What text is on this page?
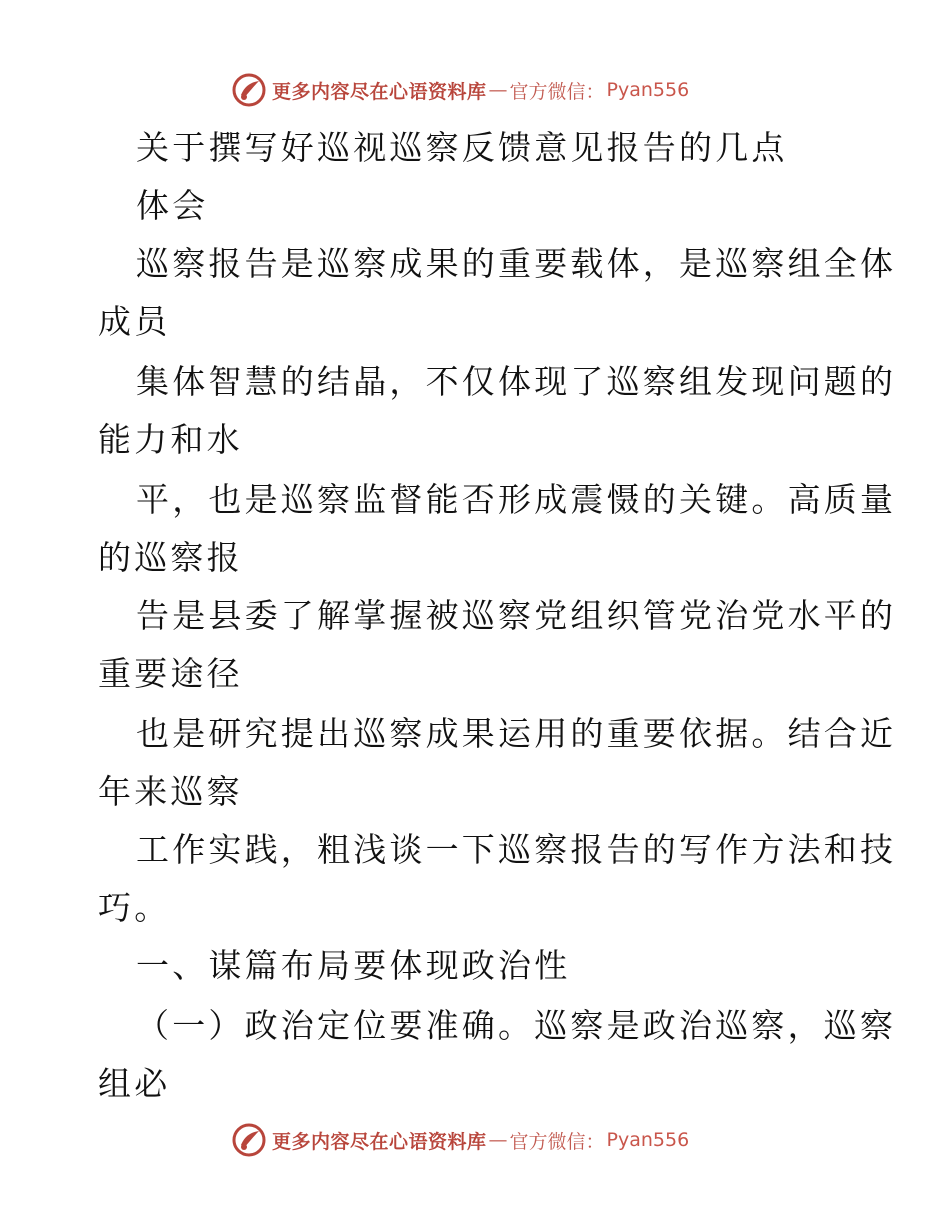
更多内容尽在心语资料库 — 官方微信： Pyan556
关于撰写好巡视巡察反馈意见报告的几点
体会
巡察报告是巡察成果的重要载体，是巡察组全体
成员
集体智慧的结晶，不仅体现了巡察组发现问题的
能力和水
平，也是巡察监督能否形成震慑的关键。高质量
的巡察报
告是县委了解掌握被巡察党组织管党治党水平的
重要途径
也是研究提出巡察成果运用的重要依据。结合近
年来巡察
工作实践，粗浅谈一下巡察报告的写作方法和技
巧。
一、谋篇布局要体现政治性
（一）政治定位要准确。巡察是政治巡察，巡察
组必
更多内容尽在心语资料库 — 官方微信： Pyan556
